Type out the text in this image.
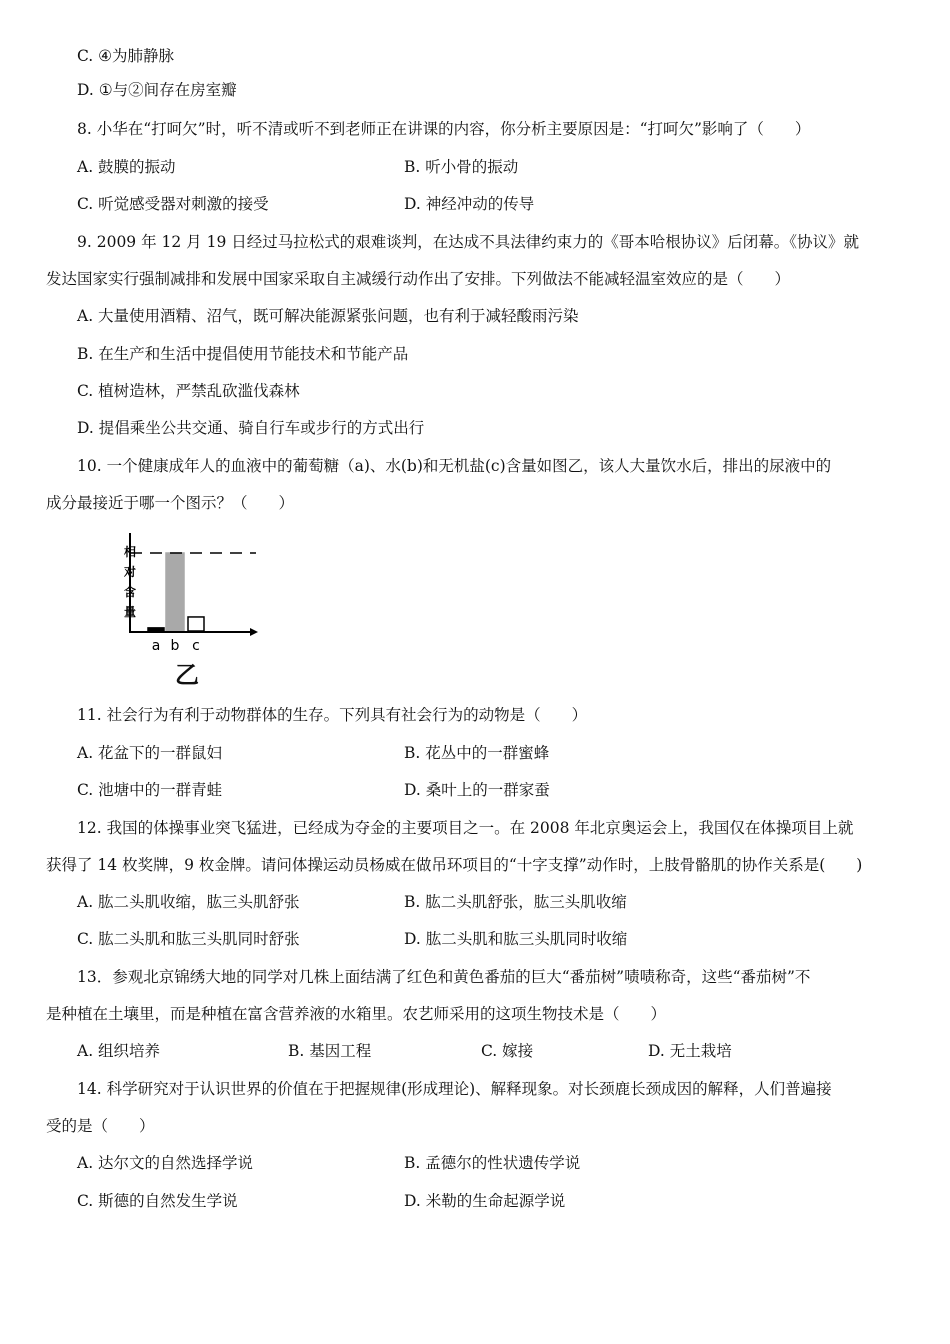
C. ④为肺静脉
D. ①与②间存在房室瓣
8. 小华在“打呵欠”时，听不清或听不到老师正在讲课的内容，你分析主要原因是：“打呵欠”影响了（　　）
A. 鼓膜的振动	B. 听小骨的振动
C. 听觉感受器对刺激的接受	D. 神经冲动的传导
9. 2009 年 12 月 19 日经过马拉松式的艰难谈判，在达成不具法律约束力的《哥本哈根协议》后闭幕。《协议》就
发达国家实行强制减排和发展中国家采取自主减缓行动作出了安排。下列做法不能减轻温室效应的是（　　）
A. 大量使用酒精、沼气，既可解决能源紧张问题，也有利于减轻酸雨污染
B. 在生产和生活中提倡使用节能技术和节能产品
C. 植树造林，严禁乱砍滥伐森林
D. 提倡乘坐公共交通、骑自行车或步行的方式出行
10. 一个健康成年人的血液中的葡萄糖（a)、水(b)和无机盐(c)含量如图乙，该人大量饮水后，排出的尿液中的
成分最接近于哪一个图示？（　　）
相
对
含
量
a b c
乙
11. 社会行为有利于动物群体的生存。下列具有社会行为的动物是（　　）
A. 花盆下的一群鼠妇	B. 花丛中的一群蜜蜂
C. 池塘中的一群青蛙	D. 桑叶上的一群家蚕
12. 我国的体操事业突飞猛进，已经成为夺金的主要项目之一。在 2008 年北京奥运会上，我国仅在体操项目上就
获得了 14 枚奖牌，9 枚金牌。请问体操运动员杨威在做吊环项目的“十字支撑”动作时，上肢骨骼肌的协作关系是(　　)
A. 肱二头肌收缩，肱三头肌舒张	B. 肱二头肌舒张，肱三头肌收缩
C. 肱二头肌和肱三头肌同时舒张	D. 肱二头肌和肱三头肌同时收缩
13．参观北京锦绣大地的同学对几株上面结满了红色和黄色番茄的巨大“番茄树”啧啧称奇，这些“番茄树”不
是种植在土壤里，而是种植在富含营养液的水箱里。农艺师采用的这项生物技术是（　　）
A. 组织培养	B. 基因工程	C. 嫁接	D. 无土栽培
14. 科学研究对于认识世界的价值在于把握规律(形成理论)、解释现象。对长颈鹿长颈成因的解释，人们普遍接
受的是（　　）
A. 达尔文的自然选择学说	B. 孟德尔的性状遗传学说
C. 斯德的自然发生学说	D. 米勒的生命起源学说
